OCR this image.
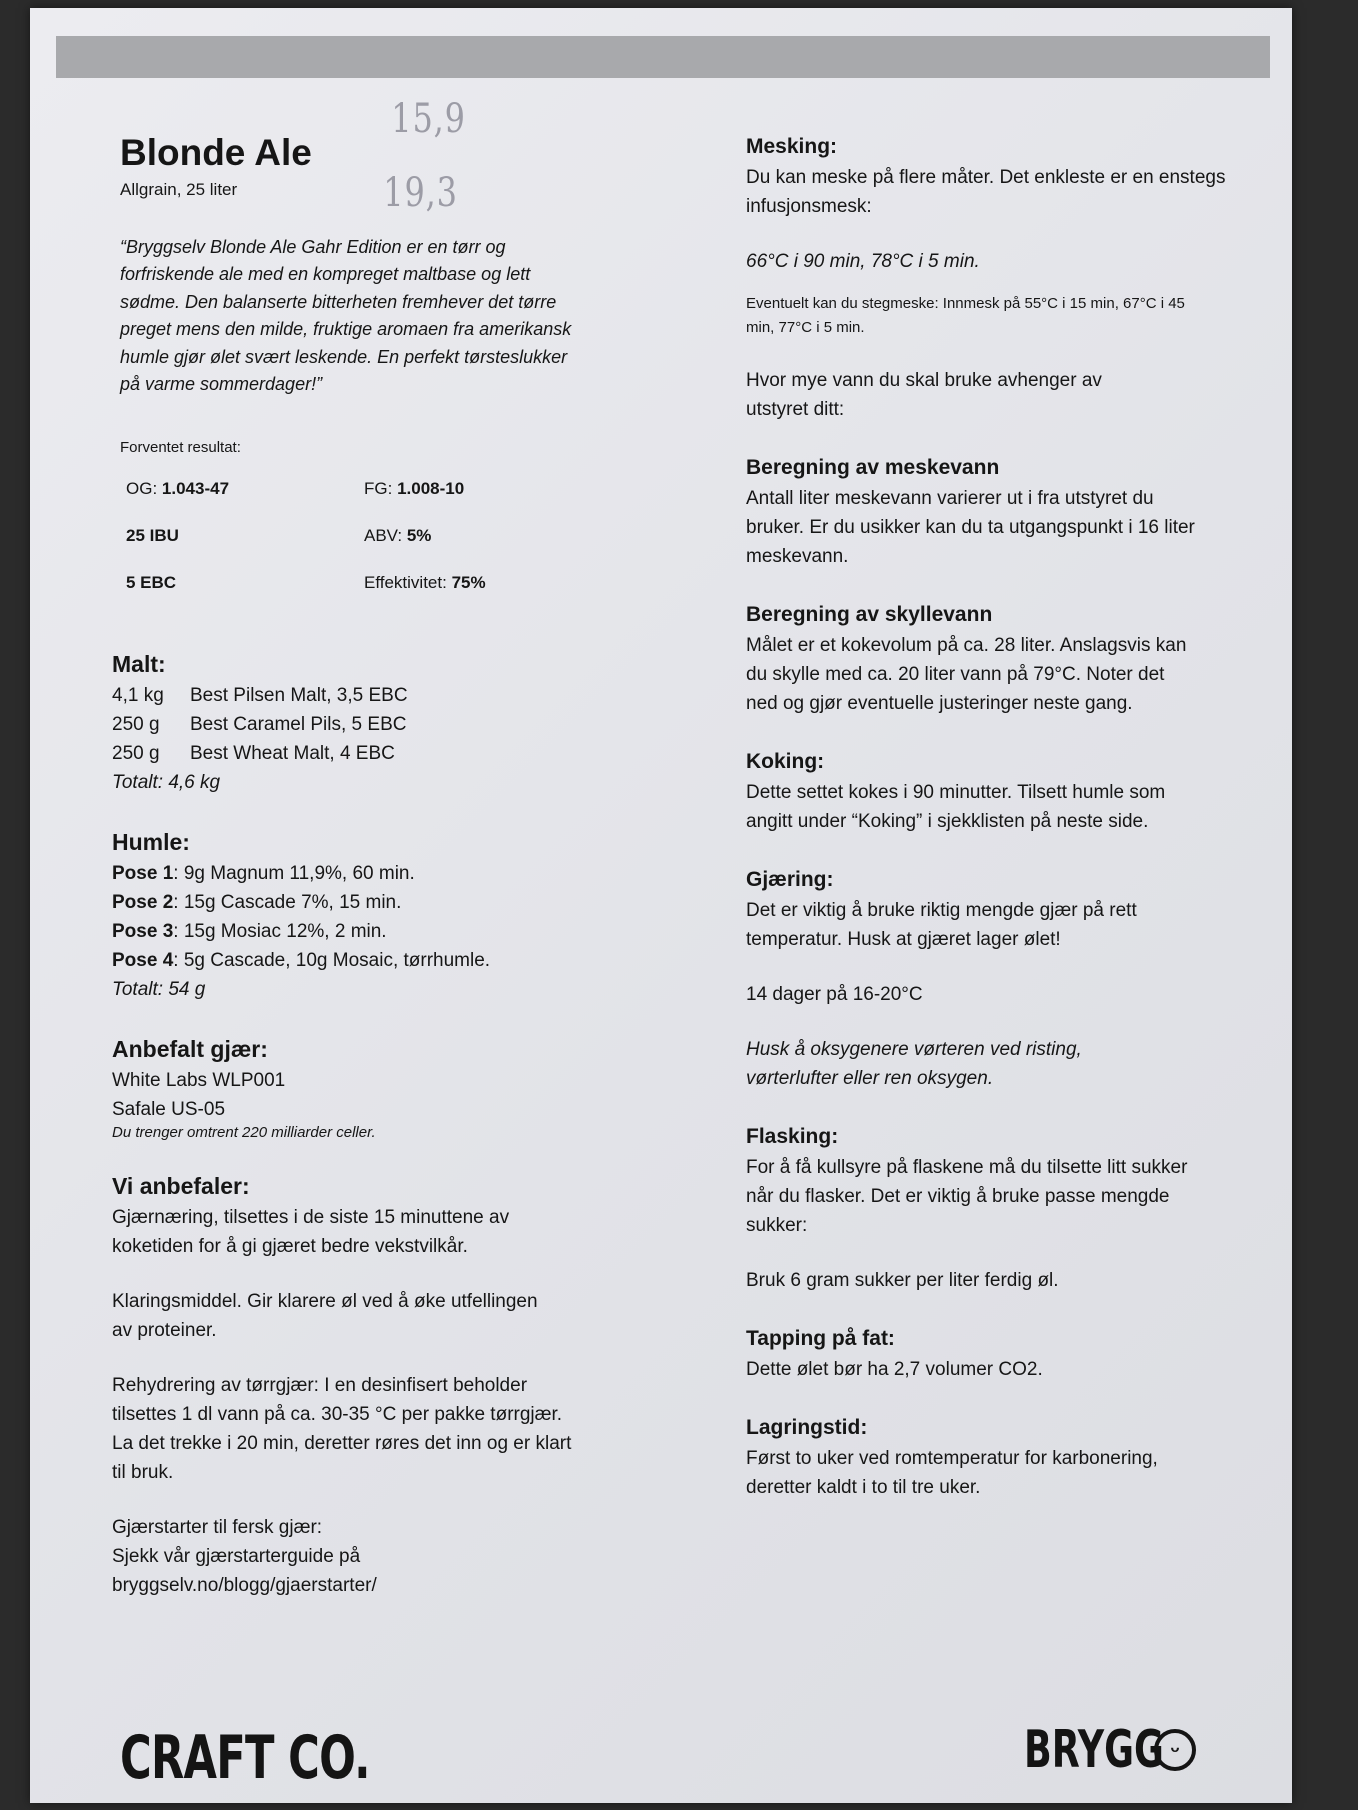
15,9
19,3
Blonde Ale
Allgrain, 25 liter
“Bryggselv Blonde Ale Gahr Edition er en tørr og forfriskende ale med en kompreget maltbase og lett sødme. Den balanserte bitterheten fremhever det tørre preget mens den milde, fruktige aromaen fra amerikansk humle gjør ølet svært leskende. En perfekt tørsteslukker på varme sommerdager!”
Forventet resultat:
OG: 1.043-47	FG: 1.008-10
25 IBU	ABV: 5%
5 EBC	Effektivitet: 75%
Malt:
4,1 kg	Best Pilsen Malt, 3,5 EBC
250 g	Best Caramel Pils, 5 EBC
250 g	Best Wheat Malt, 4 EBC
Totalt: 4,6 kg
Humle:
Pose 1: 9g Magnum 11,9%, 60 min.
Pose 2: 15g Cascade 7%, 15 min.
Pose 3: 15g Mosiac 12%, 2 min.
Pose 4: 5g Cascade, 10g Mosaic, tørrhumle.
Totalt: 54 g
Anbefalt gjær:
White Labs WLP001
Safale US-05
Du trenger omtrent 220 milliarder celler.
Vi anbefaler:

Gjærnæring, tilsettes i de siste 15 minuttene av koketiden for å gi gjæret bedre vekstvilkår.

Klaringsmiddel. Gir klarere øl ved å øke utfellingen av proteiner.

Rehydrering av tørrgjær: I en desinfisert beholder tilsettes 1 dl vann på ca. 30-35 °C per pakke tørrgjær. La det trekke i 20 min, deretter røres det inn og er klart til bruk.

Gjærstarter til fersk gjær:
Sjekk vår gjærstarterguide på
bryggselv.no/blogg/gjaerstarter/
Mesking:

Du kan meske på flere måter. Det enkleste er en enstegs infusjonsmesk:

66°C i 90 min, 78°C i 5 min.

Eventuelt kan du stegmeske: Innmesk på 55°C i 15 min, 67°C i 45 min, 77°C i 5 min.

Hvor mye vann du skal bruke avhenger av utstyret ditt:

Beregning av meskevann

Antall liter meskevann varierer ut i fra utstyret du bruker. Er du usikker kan du ta utgangspunkt i 16 liter meskevann.

Beregning av skyllevann

Målet er et kokevolum på ca. 28 liter. Anslagsvis kan du skylle med ca. 20 liter vann på 79°C. Noter det ned og gjør eventuelle justeringer neste gang.

Koking:

Dette settet kokes i 90 minutter. Tilsett humle som angitt under “Koking” i sjekklisten på neste side.

Gjæring:

Det er viktig å bruke riktig mengde gjær på rett temperatur. Husk at gjæret lager ølet!

14 dager på 16-20°C

Husk å oksygenere vørteren ved risting, vørterlufter eller ren oksygen.

Flasking:

For å få kullsyre på flaskene må du tilsette litt sukker når du flasker. Det er viktig å bruke passe mengde sukker:

Bruk 6 gram sukker per liter ferdig øl.
Tapping på fat:
Dette ølet bør ha 2,7 volumer CO2.
Lagringstid:

Først to uker ved romtemperatur for karbonering, deretter kaldt i to til tre uker.

CRAFT CO.	BRYGG ᵕ
